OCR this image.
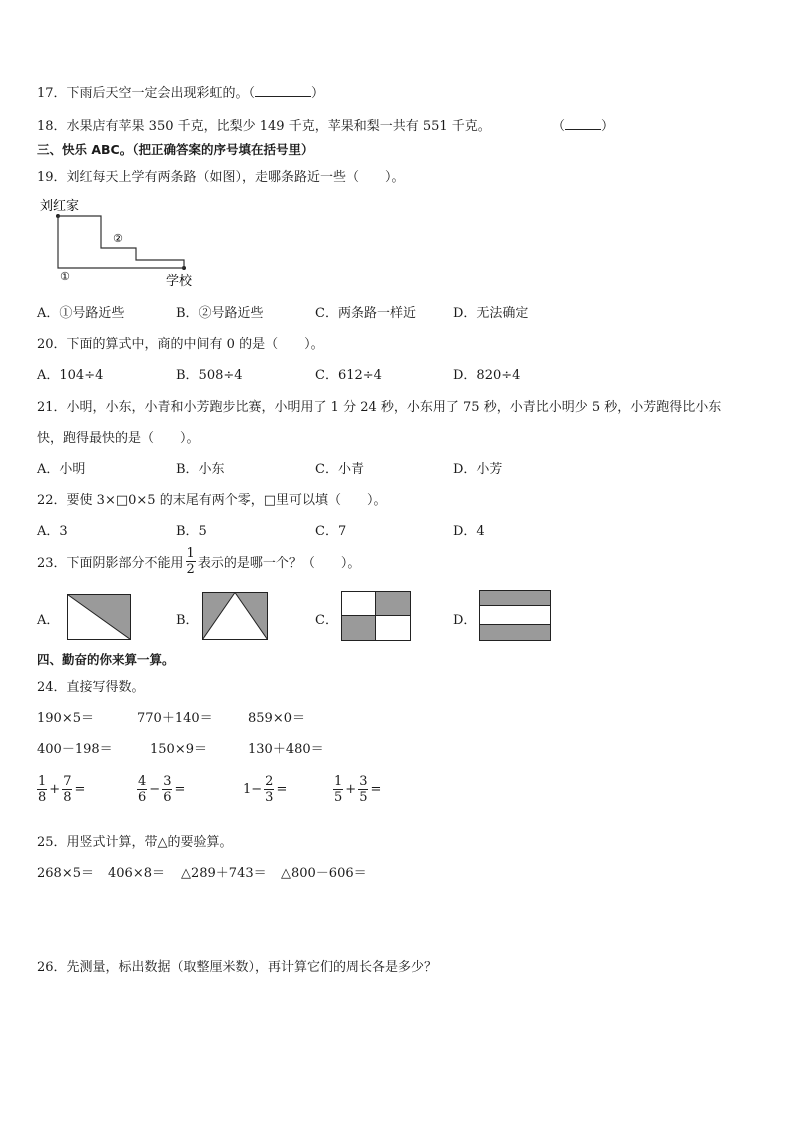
17．下雨后天空一定会出现彩虹的。（	）
18．水果店有苹果 350 千克，比梨少 149 千克，苹果和梨一共有 551 千克。	（	）
三、快乐 ABC。（把正确答案的序号填在括号里）
19．刘红每天上学有两条路（如图），走哪条路近一些（　　）。
刘红家
①
②
学校
A．①号路近些	B．②号路近些	C．两条路一样近	D．无法确定
20．下面的算式中，商的中间有 0 的是（　　）。
A．104÷4	B．508÷4	C．612÷4	D．820÷4
21．小明，小东，小青和小芳跑步比赛，小明用了 1 分 24 秒，小东用了 75 秒，小青比小明少 5 秒，小芳跑得比小东
快，跑得最快的是（　　）。
A．小明	B．小东	C．小青	D．小芳
22．要使 3×□0×5 的末尾有两个零，□里可以填（　　）。
A．3	B．5	C．7	D．4
23．下面阴影部分不能用 $\frac{1}{2}$ 表示的是哪一个？（　　）。
A．	B．	C．	D．
四、勤奋的你来算一算。
24．直接写得数。
190×5＝	770＋140＝	859×0＝
400－198＝	150×9＝	130＋480＝
$\frac{1}{8} + \frac{7}{8}$ =	$\frac{4}{6} - \frac{3}{6}$ =	$1- \frac{2}{3}$ =	$\frac{1}{5} + \frac{3}{5}$ =
25．用竖式计算，带△的要验算。
268×5＝ 406×8＝ △289＋743＝ △800－606＝
26．先测量，标出数据（取整厘米数），再计算它们的周长各是多少？
